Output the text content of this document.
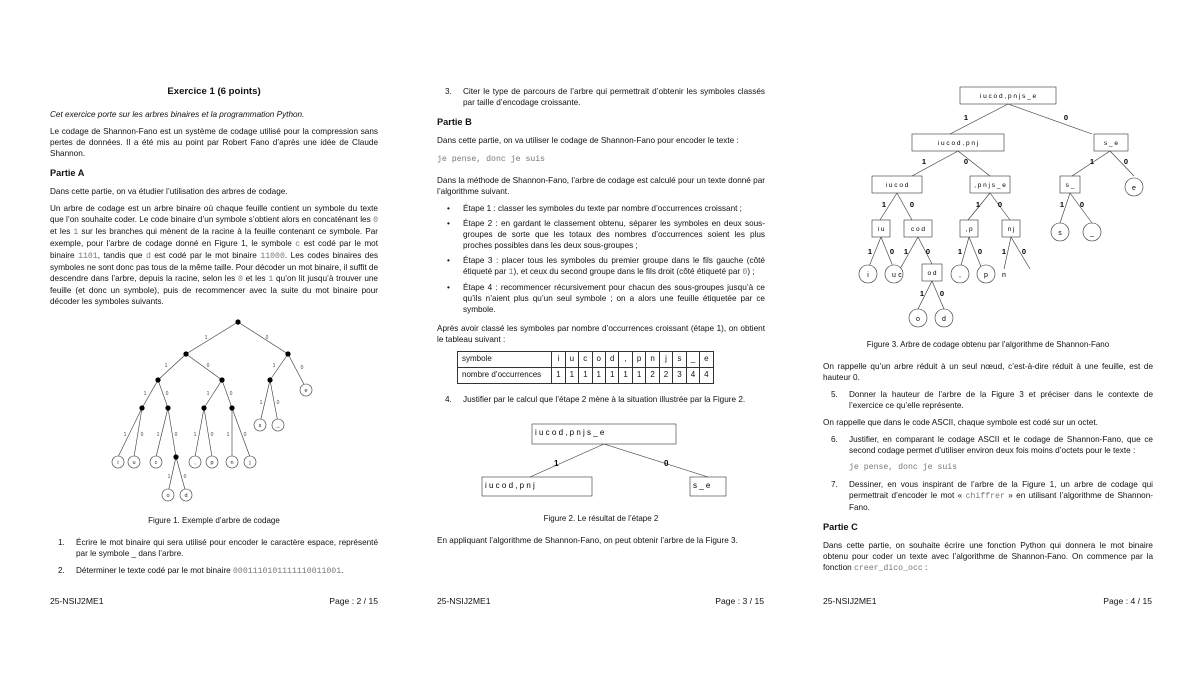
Exercice 1 (6 points)

Cet exercice porte sur les arbres binaires et la programmation Python.

Le codage de Shannon-Fano est un système de codage utilisé pour la compression sans pertes de données. Il a été mis au point par Robert Fano d’après une idée de Claude Shannon.

Partie A

Dans cette partie, on va étudier l’utilisation des arbres de codage.

Un arbre de codage est un arbre binaire où chaque feuille contient un symbole du texte que l’on souhaite coder. Le code binaire d’un symbole s’obtient alors en concaténant les 0 et les 1 sur les branches qui mènent de la racine à la feuille contenant ce symbole. Par exemple, pour l’arbre de codage donné en Figure 1, le symbole c est codé par le mot binaire 1101, tandis que d est codé par le mot binaire 11000. Les codes binaires des symboles ne sont donc pas tous de la même taille. Pour décoder un mot binaire, il suffit de descendre dans l’arbre, depuis la racine, selon les 0 et les 1 qu’on lit jusqu’à trouver une feuille (et donc un symbole), puis de recommencer avec la suite du mot binaire pour décoder les symboles suivants.

i	u	c
o	d
,	p	n	j
s	_
e
1	0
1	0	1	0
1	0	1	0
1	0
1	0	1	0	1	0	1	0
1	0
Figure 1. Exemple d’arbre de codage
1. Écrire le mot binaire qui sera utilisé pour encoder le caractère espace, représenté par le symbole _ dans l’arbre.
2. Déterminer le texte codé par le mot binaire 0001110101111110011001.
25-NSIJ2ME1	Page : 2 / 15
3. Citer le type de parcours de l’arbre qui permettrait d’obtenir les symboles classés par taille d’encodage croissante.
Partie B

Dans cette partie, on va utiliser le codage de Shannon-Fano pour encoder le texte :

je pense, donc je suis

Dans la méthode de Shannon-Fano, l’arbre de codage est calculé pour un texte donné par l’algorithme suivant.

• Étape 1 : classer les symboles du texte par nombre d’occurrences croissant ;
• Étape 2 : en gardant le classement obtenu, séparer les symboles en deux sous-groupes de sorte que les totaux des nombres d’occurrences soient les plus proches possibles dans les deux sous-groupes ;
• Étape 3 : placer tous les symboles du premier groupe dans le fils gauche (côté étiqueté par 1), et ceux du second groupe dans le fils droit (côté étiqueté par 0) ;
• Étape 4 : recommencer récursivement pour chacun des sous-groupes jusqu’à ce qu’ils n’aient plus qu’un seul symbole ; on a alors une feuille étiquetée par ce symbole.

Après avoir classé les symboles par nombre d’occurrences croissant (étape 1), on obtient le tableau suivant :

symbole	i	u	c	o	d	,	p	n	j	s	_	e
nombre d’occurrences	1	1	1	1	1	1	1	2	2	3	4	4
4. Justifier par le calcul que l’étape 2 mène à la situation illustrée par la Figure 2.
1	0
i u c o d , p n j s _ e
i u c o d , p n j	s _ e
Figure 2. Le résultat de l’étape 2

En appliquant l’algorithme de Shannon-Fano, on peut obtenir l’arbre de la Figure 3.

25-NSIJ2ME1	Page : 3 / 15
i u c o d , p n j s _ e
i u c o d , p n j	s _ e
i u c o d	, p n j s _ e	s _
i u	c o d	, p	n j
o d
e
s	_
i	u c	,	p n
o	d
1	0
1	0	1	0
1	0	1 0	1 0
1 0 1 0	1 0	1 0
1 0
Figure 3. Arbre de codage obtenu par l’algorithme de Shannon-Fano

On rappelle qu’un arbre réduit à un seul nœud, c’est-à-dire réduit à une feuille, est de hauteur 0.

5. Donner la hauteur de l’arbre de la Figure 3 et préciser dans le contexte de l’exercice ce qu’elle représente.

On rappelle que dans le code ASCII, chaque symbole est codé sur un octet.

6. Justifier, en comparant le codage ASCII et le codage de Shannon-Fano, que ce second codage permet d’utiliser environ deux fois moins d’octets pour le texte :
je pense, donc je suis
7. Dessiner, en vous inspirant de l’arbre de la Figure 1, un arbre de codage qui permettrait d’encoder le mot « chiffrer » en utilisant l’algorithme de Shannon-Fano.
Partie C

Dans cette partie, on souhaite écrire une fonction Python qui donnera le mot binaire obtenu pour coder un texte avec l’algorithme de Shannon-Fano. On commence par la fonction creer_dico_occ :

25-NSIJ2ME1	Page : 4 / 15
